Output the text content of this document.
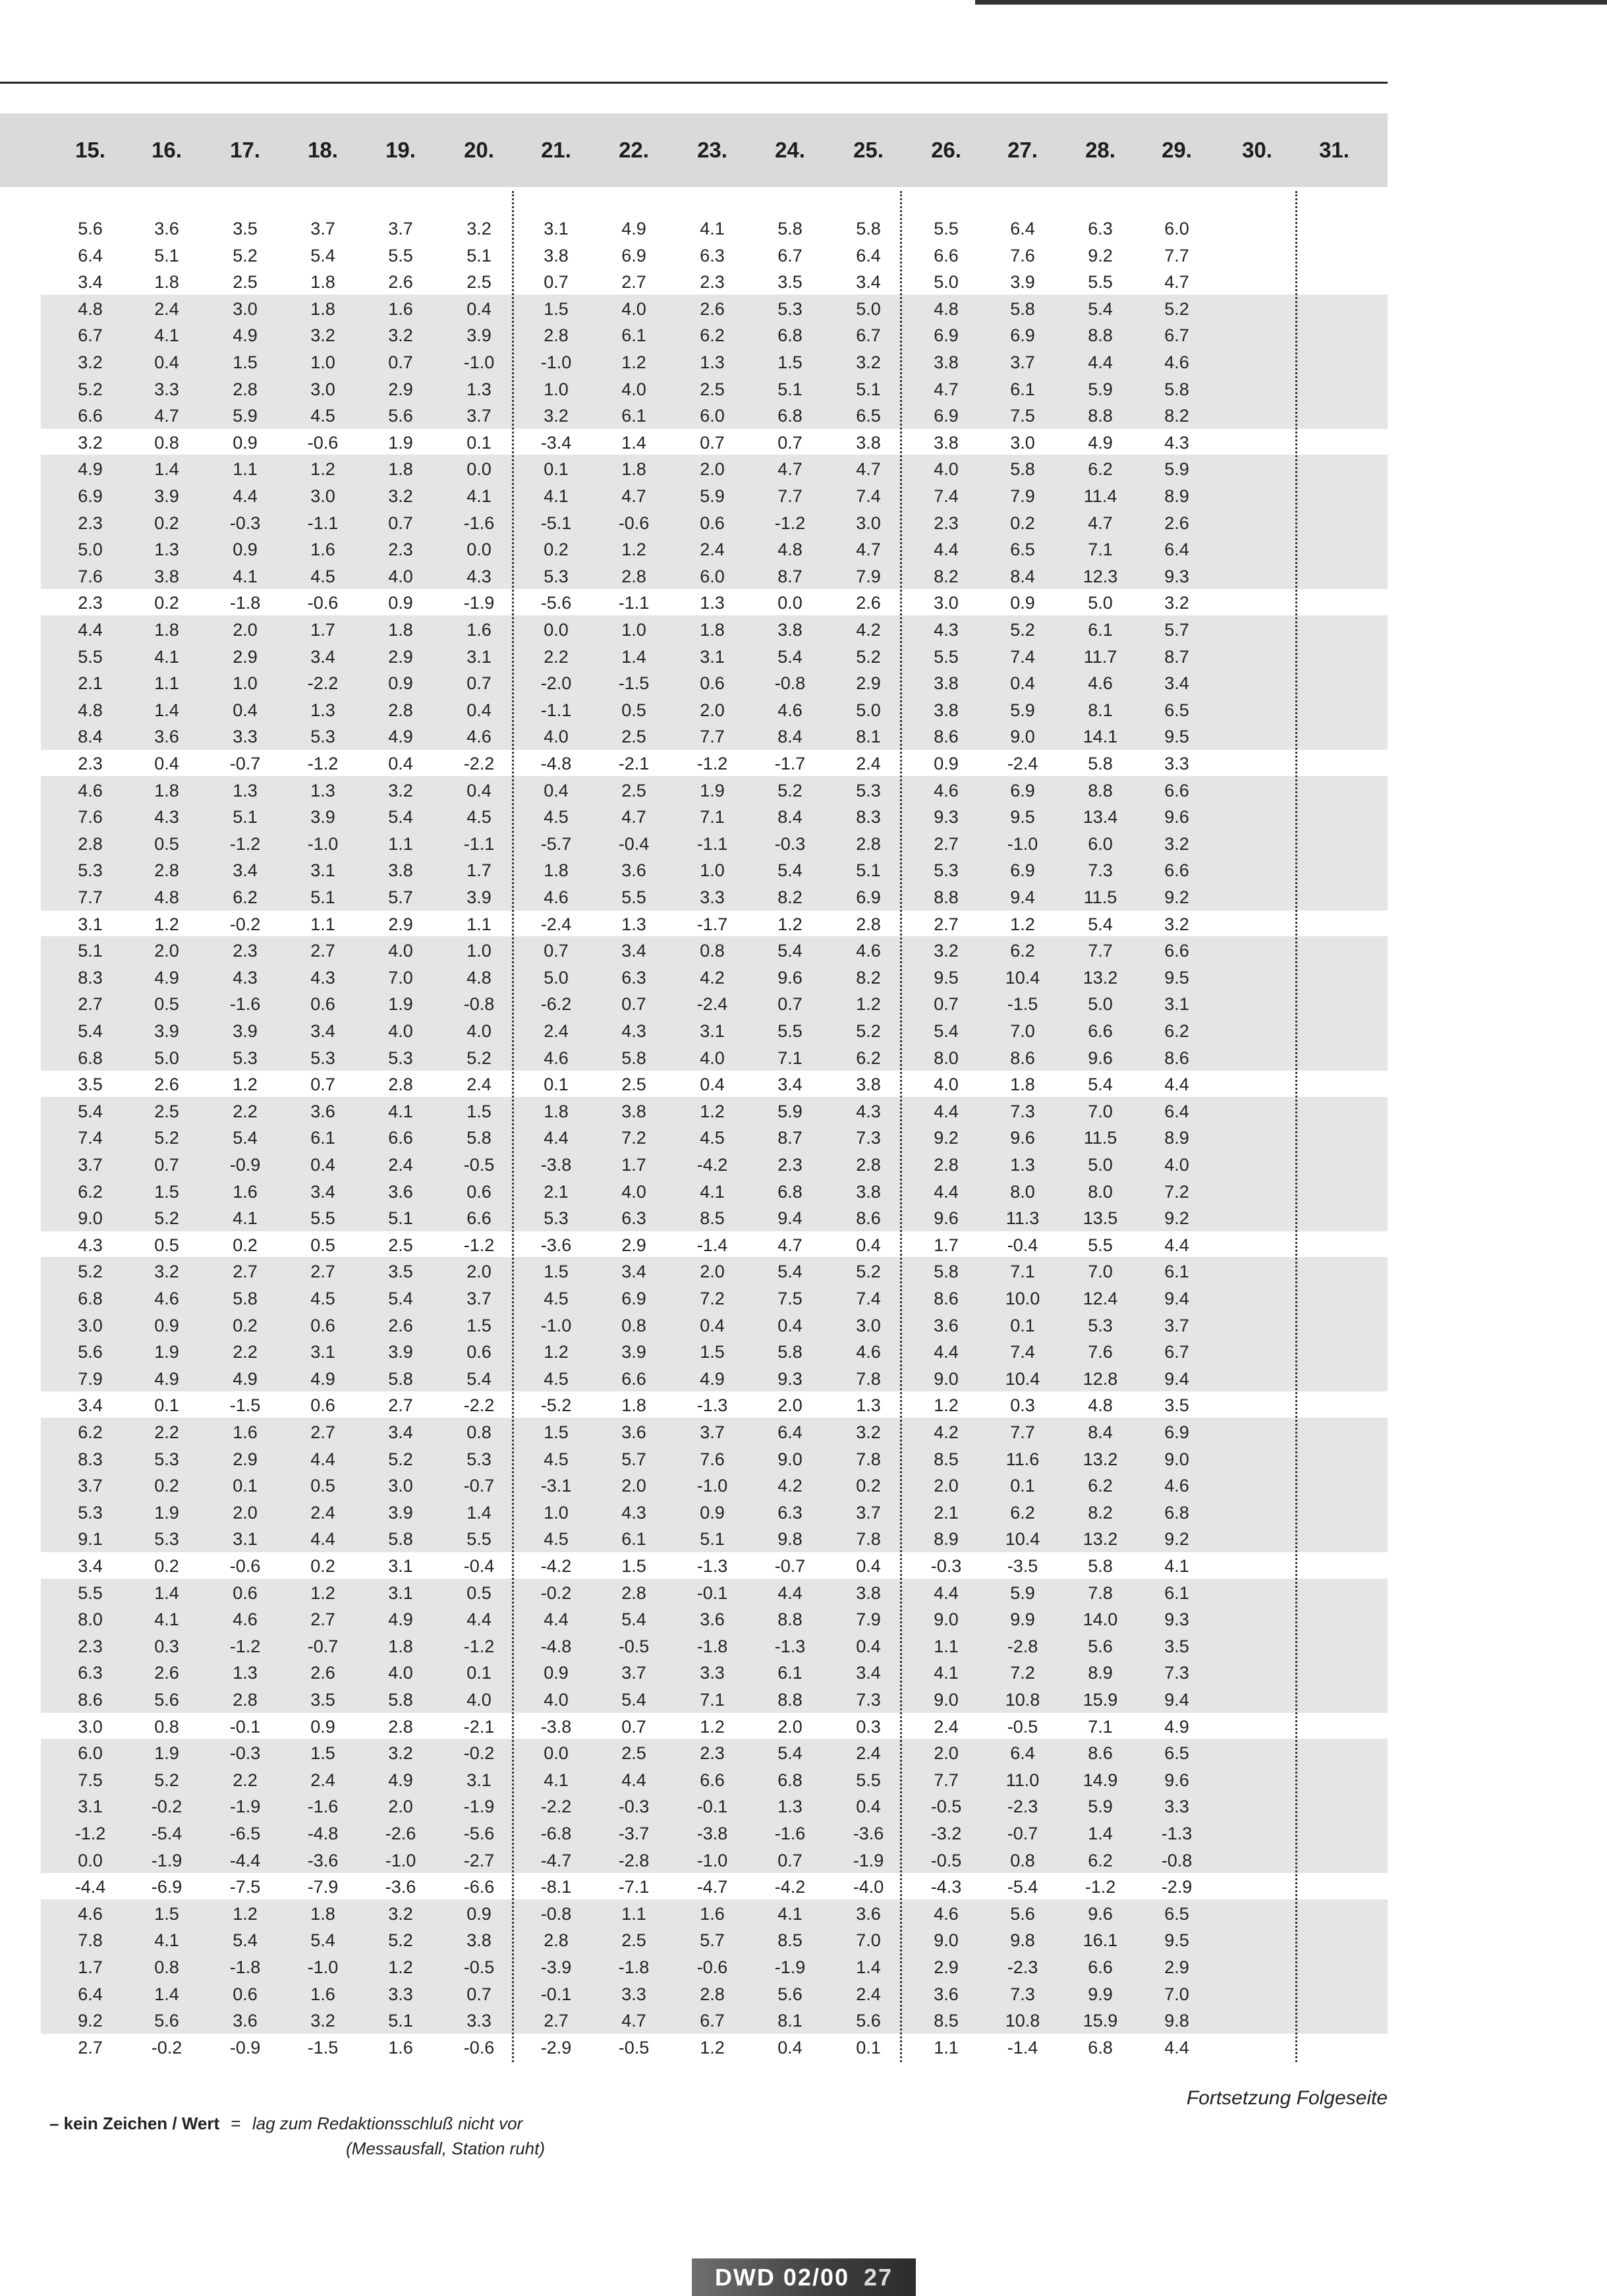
15.	16.	17.	18.	19.	20.	21.	22.	23.	24.	25.	26.	27.	28.	29.	30.	31.
5.6	3.6	3.5	3.7	3.7	3.2	3.1	4.9	4.1	5.8	5.8	5.5	6.4	6.3	6.0
6.4	5.1	5.2	5.4	5.5	5.1	3.8	6.9	6.3	6.7	6.4	6.6	7.6	9.2	7.7
3.4	1.8	2.5	1.8	2.6	2.5	0.7	2.7	2.3	3.5	3.4	5.0	3.9	5.5	4.7
4.8	2.4	3.0	1.8	1.6	0.4	1.5	4.0	2.6	5.3	5.0	4.8	5.8	5.4	5.2
6.7	4.1	4.9	3.2	3.2	3.9	2.8	6.1	6.2	6.8	6.7	6.9	6.9	8.8	6.7
3.2	0.4	1.5	1.0	0.7	-1.0	-1.0	1.2	1.3	1.5	3.2	3.8	3.7	4.4	4.6
5.2	3.3	2.8	3.0	2.9	1.3	1.0	4.0	2.5	5.1	5.1	4.7	6.1	5.9	5.8
6.6	4.7	5.9	4.5	5.6	3.7	3.2	6.1	6.0	6.8	6.5	6.9	7.5	8.8	8.2
3.2	0.8	0.9	-0.6	1.9	0.1	-3.4	1.4	0.7	0.7	3.8	3.8	3.0	4.9	4.3
4.9	1.4	1.1	1.2	1.8	0.0	0.1	1.8	2.0	4.7	4.7	4.0	5.8	6.2	5.9
6.9	3.9	4.4	3.0	3.2	4.1	4.1	4.7	5.9	7.7	7.4	7.4	7.9	11.4	8.9
2.3	0.2	-0.3	-1.1	0.7	-1.6	-5.1	-0.6	0.6	-1.2	3.0	2.3	0.2	4.7	2.6
5.0	1.3	0.9	1.6	2.3	0.0	0.2	1.2	2.4	4.8	4.7	4.4	6.5	7.1	6.4
7.6	3.8	4.1	4.5	4.0	4.3	5.3	2.8	6.0	8.7	7.9	8.2	8.4	12.3	9.3
2.3	0.2	-1.8	-0.6	0.9	-1.9	-5.6	-1.1	1.3	0.0	2.6	3.0	0.9	5.0	3.2
4.4	1.8	2.0	1.7	1.8	1.6	0.0	1.0	1.8	3.8	4.2	4.3	5.2	6.1	5.7
5.5	4.1	2.9	3.4	2.9	3.1	2.2	1.4	3.1	5.4	5.2	5.5	7.4	11.7	8.7
2.1	1.1	1.0	-2.2	0.9	0.7	-2.0	-1.5	0.6	-0.8	2.9	3.8	0.4	4.6	3.4
4.8	1.4	0.4	1.3	2.8	0.4	-1.1	0.5	2.0	4.6	5.0	3.8	5.9	8.1	6.5
8.4	3.6	3.3	5.3	4.9	4.6	4.0	2.5	7.7	8.4	8.1	8.6	9.0	14.1	9.5
2.3	0.4	-0.7	-1.2	0.4	-2.2	-4.8	-2.1	-1.2	-1.7	2.4	0.9	-2.4	5.8	3.3
4.6	1.8	1.3	1.3	3.2	0.4	0.4	2.5	1.9	5.2	5.3	4.6	6.9	8.8	6.6
7.6	4.3	5.1	3.9	5.4	4.5	4.5	4.7	7.1	8.4	8.3	9.3	9.5	13.4	9.6
2.8	0.5	-1.2	-1.0	1.1	-1.1	-5.7	-0.4	-1.1	-0.3	2.8	2.7	-1.0	6.0	3.2
5.3	2.8	3.4	3.1	3.8	1.7	1.8	3.6	1.0	5.4	5.1	5.3	6.9	7.3	6.6
7.7	4.8	6.2	5.1	5.7	3.9	4.6	5.5	3.3	8.2	6.9	8.8	9.4	11.5	9.2
3.1	1.2	-0.2	1.1	2.9	1.1	-2.4	1.3	-1.7	1.2	2.8	2.7	1.2	5.4	3.2
5.1	2.0	2.3	2.7	4.0	1.0	0.7	3.4	0.8	5.4	4.6	3.2	6.2	7.7	6.6
8.3	4.9	4.3	4.3	7.0	4.8	5.0	6.3	4.2	9.6	8.2	9.5	10.4	13.2	9.5
2.7	0.5	-1.6	0.6	1.9	-0.8	-6.2	0.7	-2.4	0.7	1.2	0.7	-1.5	5.0	3.1
5.4	3.9	3.9	3.4	4.0	4.0	2.4	4.3	3.1	5.5	5.2	5.4	7.0	6.6	6.2
6.8	5.0	5.3	5.3	5.3	5.2	4.6	5.8	4.0	7.1	6.2	8.0	8.6	9.6	8.6
3.5	2.6	1.2	0.7	2.8	2.4	0.1	2.5	0.4	3.4	3.8	4.0	1.8	5.4	4.4
5.4	2.5	2.2	3.6	4.1	1.5	1.8	3.8	1.2	5.9	4.3	4.4	7.3	7.0	6.4
7.4	5.2	5.4	6.1	6.6	5.8	4.4	7.2	4.5	8.7	7.3	9.2	9.6	11.5	8.9
3.7	0.7	-0.9	0.4	2.4	-0.5	-3.8	1.7	-4.2	2.3	2.8	2.8	1.3	5.0	4.0
6.2	1.5	1.6	3.4	3.6	0.6	2.1	4.0	4.1	6.8	3.8	4.4	8.0	8.0	7.2
9.0	5.2	4.1	5.5	5.1	6.6	5.3	6.3	8.5	9.4	8.6	9.6	11.3	13.5	9.2
4.3	0.5	0.2	0.5	2.5	-1.2	-3.6	2.9	-1.4	4.7	0.4	1.7	-0.4	5.5	4.4
5.2	3.2	2.7	2.7	3.5	2.0	1.5	3.4	2.0	5.4	5.2	5.8	7.1	7.0	6.1
6.8	4.6	5.8	4.5	5.4	3.7	4.5	6.9	7.2	7.5	7.4	8.6	10.0	12.4	9.4
3.0	0.9	0.2	0.6	2.6	1.5	-1.0	0.8	0.4	0.4	3.0	3.6	0.1	5.3	3.7
5.6	1.9	2.2	3.1	3.9	0.6	1.2	3.9	1.5	5.8	4.6	4.4	7.4	7.6	6.7
7.9	4.9	4.9	4.9	5.8	5.4	4.5	6.6	4.9	9.3	7.8	9.0	10.4	12.8	9.4
3.4	0.1	-1.5	0.6	2.7	-2.2	-5.2	1.8	-1.3	2.0	1.3	1.2	0.3	4.8	3.5
6.2	2.2	1.6	2.7	3.4	0.8	1.5	3.6	3.7	6.4	3.2	4.2	7.7	8.4	6.9
8.3	5.3	2.9	4.4	5.2	5.3	4.5	5.7	7.6	9.0	7.8	8.5	11.6	13.2	9.0
3.7	0.2	0.1	0.5	3.0	-0.7	-3.1	2.0	-1.0	4.2	0.2	2.0	0.1	6.2	4.6
5.3	1.9	2.0	2.4	3.9	1.4	1.0	4.3	0.9	6.3	3.7	2.1	6.2	8.2	6.8
9.1	5.3	3.1	4.4	5.8	5.5	4.5	6.1	5.1	9.8	7.8	8.9	10.4	13.2	9.2
3.4	0.2	-0.6	0.2	3.1	-0.4	-4.2	1.5	-1.3	-0.7	0.4	-0.3	-3.5	5.8	4.1
5.5	1.4	0.6	1.2	3.1	0.5	-0.2	2.8	-0.1	4.4	3.8	4.4	5.9	7.8	6.1
8.0	4.1	4.6	2.7	4.9	4.4	4.4	5.4	3.6	8.8	7.9	9.0	9.9	14.0	9.3
2.3	0.3	-1.2	-0.7	1.8	-1.2	-4.8	-0.5	-1.8	-1.3	0.4	1.1	-2.8	5.6	3.5
6.3	2.6	1.3	2.6	4.0	0.1	0.9	3.7	3.3	6.1	3.4	4.1	7.2	8.9	7.3
8.6	5.6	2.8	3.5	5.8	4.0	4.0	5.4	7.1	8.8	7.3	9.0	10.8	15.9	9.4
3.0	0.8	-0.1	0.9	2.8	-2.1	-3.8	0.7	1.2	2.0	0.3	2.4	-0.5	7.1	4.9
6.0	1.9	-0.3	1.5	3.2	-0.2	0.0	2.5	2.3	5.4	2.4	2.0	6.4	8.6	6.5
7.5	5.2	2.2	2.4	4.9	3.1	4.1	4.4	6.6	6.8	5.5	7.7	11.0	14.9	9.6
3.1	-0.2	-1.9	-1.6	2.0	-1.9	-2.2	-0.3	-0.1	1.3	0.4	-0.5	-2.3	5.9	3.3
-1.2	-5.4	-6.5	-4.8	-2.6	-5.6	-6.8	-3.7	-3.8	-1.6	-3.6	-3.2	-0.7	1.4	-1.3
0.0	-1.9	-4.4	-3.6	-1.0	-2.7	-4.7	-2.8	-1.0	0.7	-1.9	-0.5	0.8	6.2	-0.8
-4.4	-6.9	-7.5	-7.9	-3.6	-6.6	-8.1	-7.1	-4.7	-4.2	-4.0	-4.3	-5.4	-1.2	-2.9
4.6	1.5	1.2	1.8	3.2	0.9	-0.8	1.1	1.6	4.1	3.6	4.6	5.6	9.6	6.5
7.8	4.1	5.4	5.4	5.2	3.8	2.8	2.5	5.7	8.5	7.0	9.0	9.8	16.1	9.5
1.7	0.8	-1.8	-1.0	1.2	-0.5	-3.9	-1.8	-0.6	-1.9	1.4	2.9	-2.3	6.6	2.9
6.4	1.4	0.6	1.6	3.3	0.7	-0.1	3.3	2.8	5.6	2.4	3.6	7.3	9.9	7.0
9.2	5.6	3.6	3.2	5.1	3.3	2.7	4.7	6.7	8.1	5.6	8.5	10.8	15.9	9.8
2.7	-0.2	-0.9	-1.5	1.6	-0.6	-2.9	-0.5	1.2	0.4	0.1	1.1	-1.4	6.8	4.4
Fortsetzung Folgeseite
– kein Zeichen / Wert = lag zum Redaktionsschluß nicht vor
(Messausfall, Station ruht)
DWD 02/00 27
